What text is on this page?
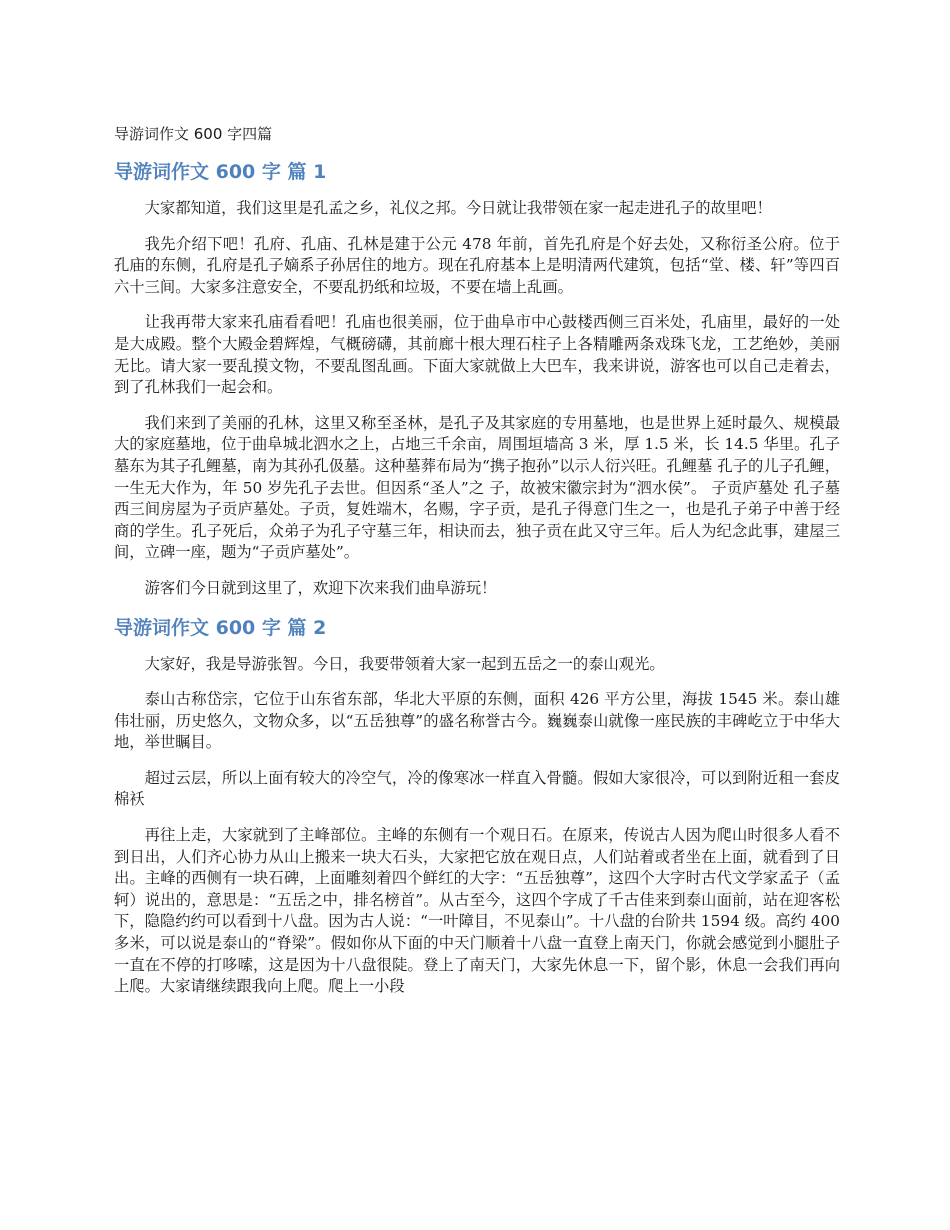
导游词作文 600 字四篇
导游词作文 600 字 篇 1

大家都知道，我们这里是孔孟之乡，礼仪之邦。今日就让我带领在家一起走进孔子的故里吧！

我先介绍下吧！孔府、孔庙、孔林是建于公元 478 年前，首先孔府是个好去处，又称衍圣公府。位于孔庙的东侧，孔府是孔子嫡系子孙居住的地方。现在孔府基本上是明清两代建筑，包括“堂、楼、轩”等四百六十三间。大家多注意安全，不要乱扔纸和垃圾，不要在墙上乱画。

让我再带大家来孔庙看看吧！孔庙也很美丽，位于曲阜市中心鼓楼西侧三百米处，孔庙里，最好的一处是大成殿。整个大殿金碧辉煌，气概磅礴，其前廊十根大理石柱子上各精雕两条戏珠飞龙，工艺绝妙，美丽无比。请大家一要乱摸文物，不要乱图乱画。下面大家就做上大巴车，我来讲说，游客也可以自己走着去，到了孔林我们一起会和。

我们来到了美丽的孔林，这里又称至圣林，是孔子及其家庭的专用墓地，也是世界上延时最久、规模最大的家庭墓地，位于曲阜城北泗水之上，占地三千余亩，周围垣墙高 3 米，厚 1.5 米，长 14.5 华里。孔子墓东为其子孔鲤墓，南为其孙孔伋墓。这种墓葬布局为“携子抱孙”以示人衍兴旺。孔鲤墓 孔子的儿子孔鲤，一生无大作为，年 50 岁先孔子去世。但因系“圣人”之 子，故被宋徽宗封为“泗水侯”。 子贡庐墓处 孔子墓西三间房屋为子贡庐墓处。子贡，复姓端木，名赐，字子贡，是孔子得意门生之一，也是孔子弟子中善于经商的学生。孔子死后，众弟子为孔子守墓三年，相诀而去，独子贡在此又守三年。后人为纪念此事，建屋三间，立碑一座，题为“子贡庐墓处”。

游客们今日就到这里了，欢迎下次来我们曲阜游玩！

导游词作文 600 字 篇 2

大家好，我是导游张智。今日，我要带领着大家一起到五岳之一的泰山观光。

泰山古称岱宗，它位于山东省东部，华北大平原的东侧，面积 426 平方公里，海拔 1545 米。泰山雄伟壮丽，历史悠久，文物众多，以“五岳独尊”的盛名称誉古今。巍巍泰山就像一座民族的丰碑屹立于中华大地，举世瞩目。

超过云层，所以上面有较大的冷空气，冷的像寒冰一样直入骨髓。假如大家很冷，可以到附近租一套皮棉袄

再往上走，大家就到了主峰部位。主峰的东侧有一个观日石。在原来，传说古人因为爬山时很多人看不到日出，人们齐心协力从山上搬来一块大石头，大家把它放在观日点，人们站着或者坐在上面，就看到了日出。主峰的西侧有一块石碑，上面雕刻着四个鲜红的大字：“五岳独尊”，这四个大字时古代文学家孟子（孟轲）说出的，意思是：“五岳之中，排名榜首”。从古至今，这四个字成了千古佳来到泰山面前，站在迎客松下，隐隐约约可以看到十八盘。因为古人说：“一叶障目，不见泰山”。十八盘的台阶共 1594 级。高约 400 多米，可以说是泰山的“脊梁”。假如你从下面的中天门顺着十八盘一直登上南天门，你就会感觉到小腿肚子一直在不停的打哆嗦，这是因为十八盘很陡。登上了南天门，大家先休息一下，留个影，休息一会我们再向上爬。大家请继续跟我向上爬。爬上一小段
